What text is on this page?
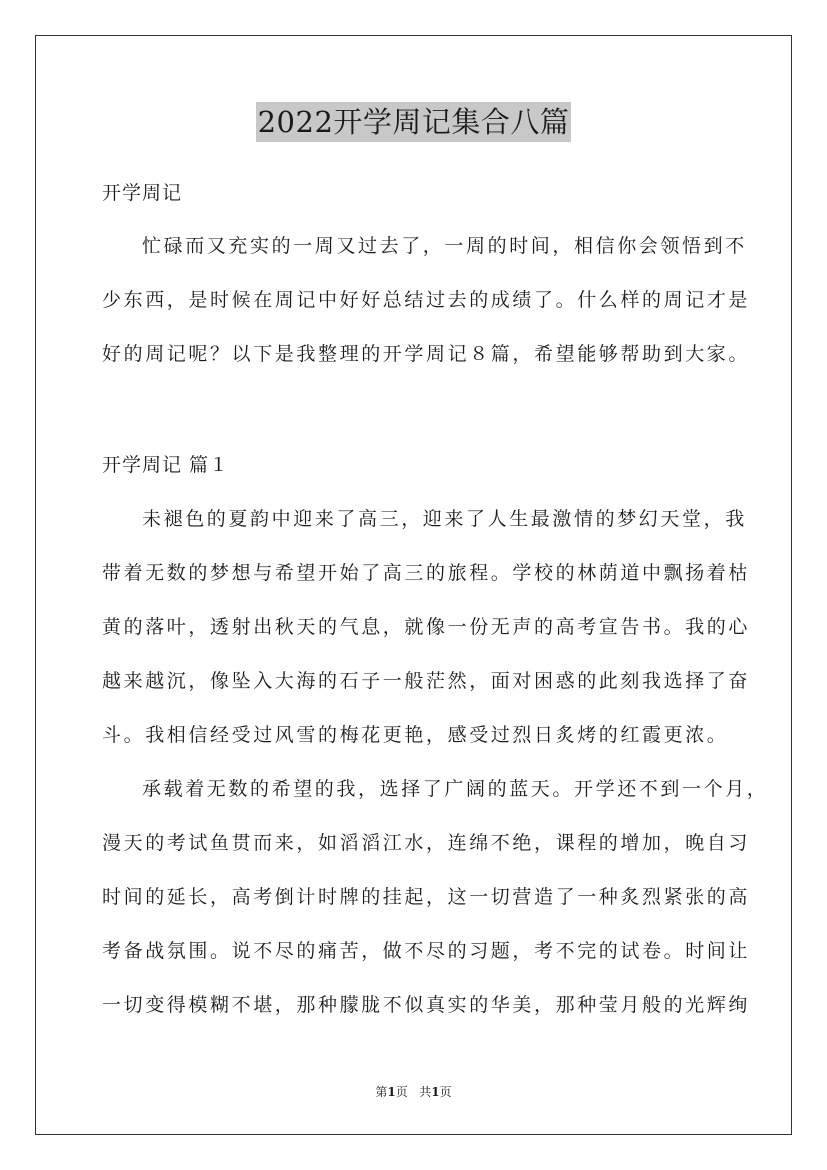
2022开学周记集合八篇
开学周记
忙碌而又充实的一周又过去了，一周的时间，相信你会领悟到不
少东西，是时候在周记中好好总结过去的成绩了。什么样的周记才是
好的周记呢？以下是我整理的开学周记８篇，希望能够帮助到大家。
开学周记 篇１
未褪色的夏韵中迎来了高三，迎来了人生最激情的梦幻天堂，我
带着无数的梦想与希望开始了高三的旅程。学校的林荫道中飘扬着枯
黄的落叶，透射出秋天的气息，就像一份无声的高考宣告书。我的心
越来越沉，像坠入大海的石子一般茫然，面对困惑的此刻我选择了奋
斗。我相信经受过风雪的梅花更艳，感受过烈日炙烤的红霞更浓。
承载着无数的希望的我，选择了广阔的蓝天。开学还不到一个月，
漫天的考试鱼贯而来，如滔滔江水，连绵不绝，课程的增加，晚自习
时间的延长，高考倒计时牌的挂起，这一切营造了一种炙烈紧张的高
考备战氛围。说不尽的痛苦，做不尽的习题，考不完的试卷。时间让
一切变得模糊不堪，那种朦胧不似真实的华美，那种莹月般的光辉绚
第1页 共1页
